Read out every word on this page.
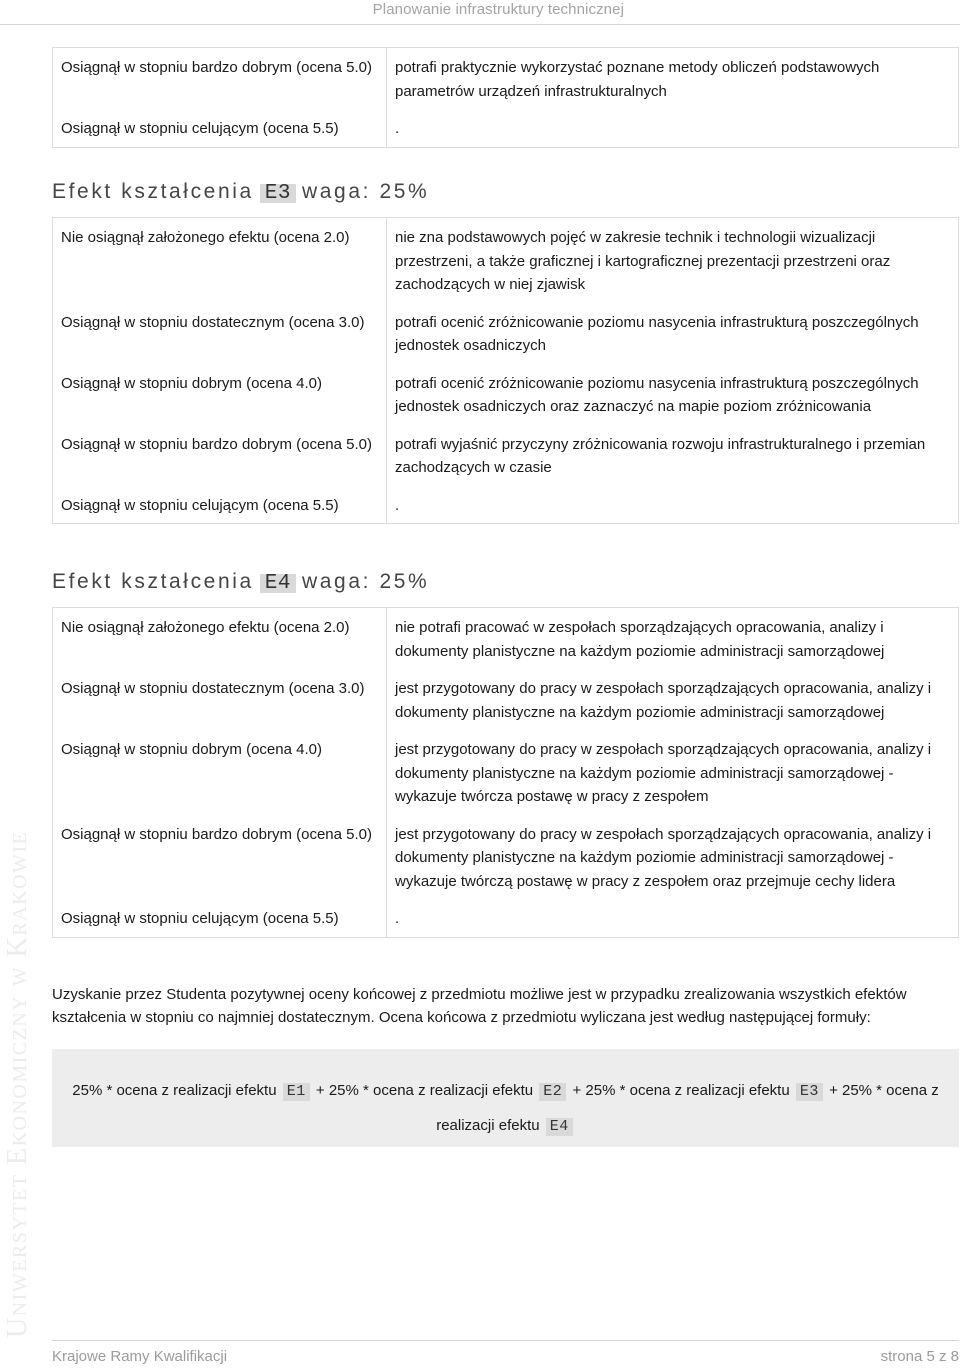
Planowanie infrastruktury technicznej
Uniwersytet Ekonomiczny w Krakowie
Osiągnął w stopniu bardzo dobrym (ocena 5.0)	potrafi praktycznie wykorzystać poznane metody obliczeń podstawowych parametrów urządzeń infrastrukturalnych
Osiągnął w stopniu celującym (ocena 5.5)	.
Efekt kształcenia E3 waga: 25%
Nie osiągnął założonego efektu (ocena 2.0)	nie zna podstawowych pojęć w zakresie technik i technologii wizualizacji przestrzeni, a także graficznej i kartograficznej prezentacji przestrzeni oraz zachodzących w niej zjawisk
Osiągnął w stopniu dostatecznym (ocena 3.0)	potrafi ocenić zróżnicowanie poziomu nasycenia infrastrukturą poszczególnych jednostek osadniczych
Osiągnął w stopniu dobrym (ocena 4.0)	potrafi ocenić zróżnicowanie poziomu nasycenia infrastrukturą poszczególnych jednostek osadniczych oraz zaznaczyć na mapie poziom zróżnicowania
Osiągnął w stopniu bardzo dobrym (ocena 5.0)	potrafi wyjaśnić przyczyny zróżnicowania rozwoju infrastrukturalnego i przemian zachodzących w czasie
Osiągnął w stopniu celującym (ocena 5.5)	.
Efekt kształcenia E4 waga: 25%
Nie osiągnął założonego efektu (ocena 2.0)	nie potrafi pracować w zespołach sporządzających opracowania, analizy i dokumenty planistyczne na każdym poziomie administracji samorządowej
Osiągnął w stopniu dostatecznym (ocena 3.0)	jest przygotowany do pracy w zespołach sporządzających opracowania, analizy i dokumenty planistyczne na każdym poziomie administracji samorządowej
Osiągnął w stopniu dobrym (ocena 4.0)	jest przygotowany do pracy w zespołach sporządzających opracowania, analizy i dokumenty planistyczne na każdym poziomie administracji samorządowej - wykazuje twórcza postawę w pracy z zespołem
Osiągnął w stopniu bardzo dobrym (ocena 5.0)	jest przygotowany do pracy w zespołach sporządzających opracowania, analizy i dokumenty planistyczne na każdym poziomie administracji samorządowej - wykazuje twórczą postawę w pracy z zespołem oraz przejmuje cechy lidera
Osiągnął w stopniu celującym (ocena 5.5)	.
Uzyskanie przez Studenta pozytywnej oceny końcowej z przedmiotu możliwe jest w przypadku zrealizowania wszystkich efektów kształcenia w stopniu co najmniej dostatecznym. Ocena końcowa z przedmiotu wyliczana jest według następującej formuły:
25% * ocena z realizacji efektu E1 + 25% * ocena z realizacji efektu E2 + 25% * ocena z realizacji efektu E3 + 25% * ocena z realizacji efektu E4
Krajowe Ramy Kwalifikacji	strona 5 z 8
